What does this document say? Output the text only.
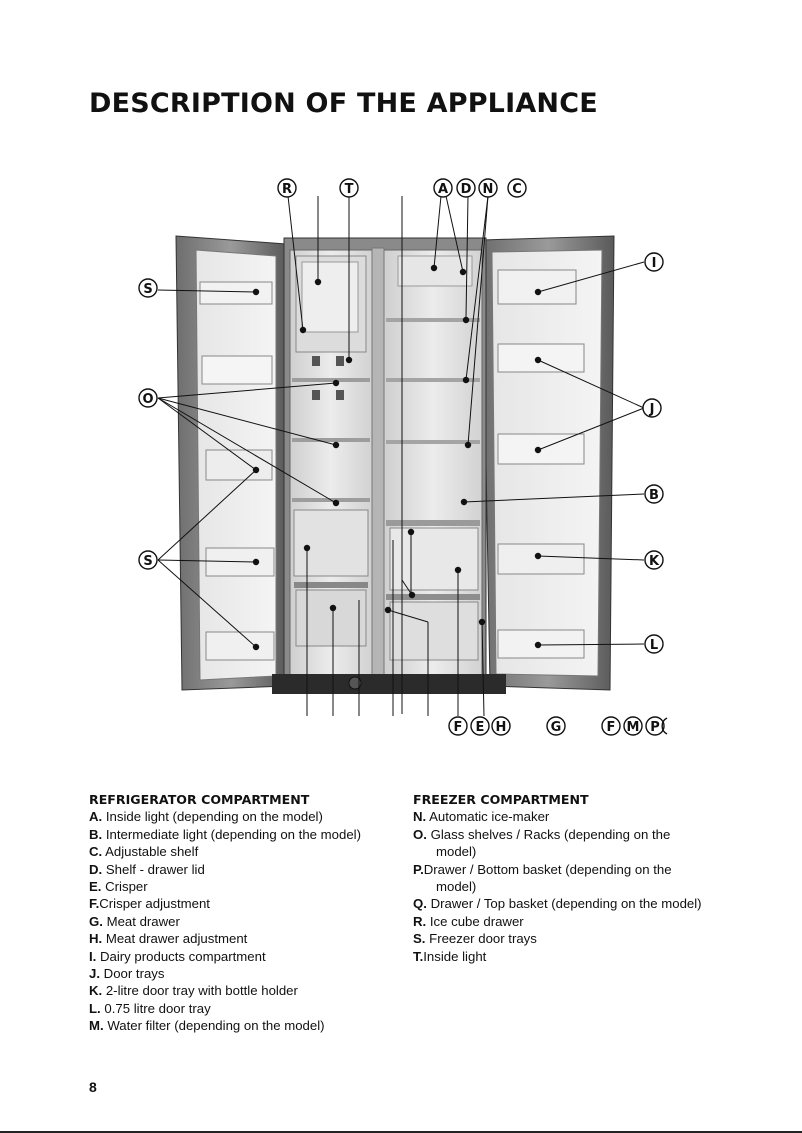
DESCRIPTION OF THE APPLIANCE
R	T	A D N C
S
I
O
J
B
S	K
L
F E H	G	F M P
REFRIGERATOR COMPARTMENT

A. Inside light (depending on the model)

B. Intermediate light (depending on the model)

C. Adjustable shelf

D. Shelf - drawer lid

E. Crisper

F.Crisper adjustment

G. Meat drawer

H. Meat drawer adjustment

I. Dairy products compartment

J. Door trays

K. 2-litre door tray with bottle holder

L. 0.75 litre door tray

M. Water filter (depending on the model)

FREEZER COMPARTMENT

N. Automatic ice-maker

O. Glass shelves / Racks (depending on the model)

P.Drawer / Bottom basket (depending on the model)

Q. Drawer / Top basket (depending on the model)

R. Ice cube drawer

S. Freezer door trays

T.Inside light

8
